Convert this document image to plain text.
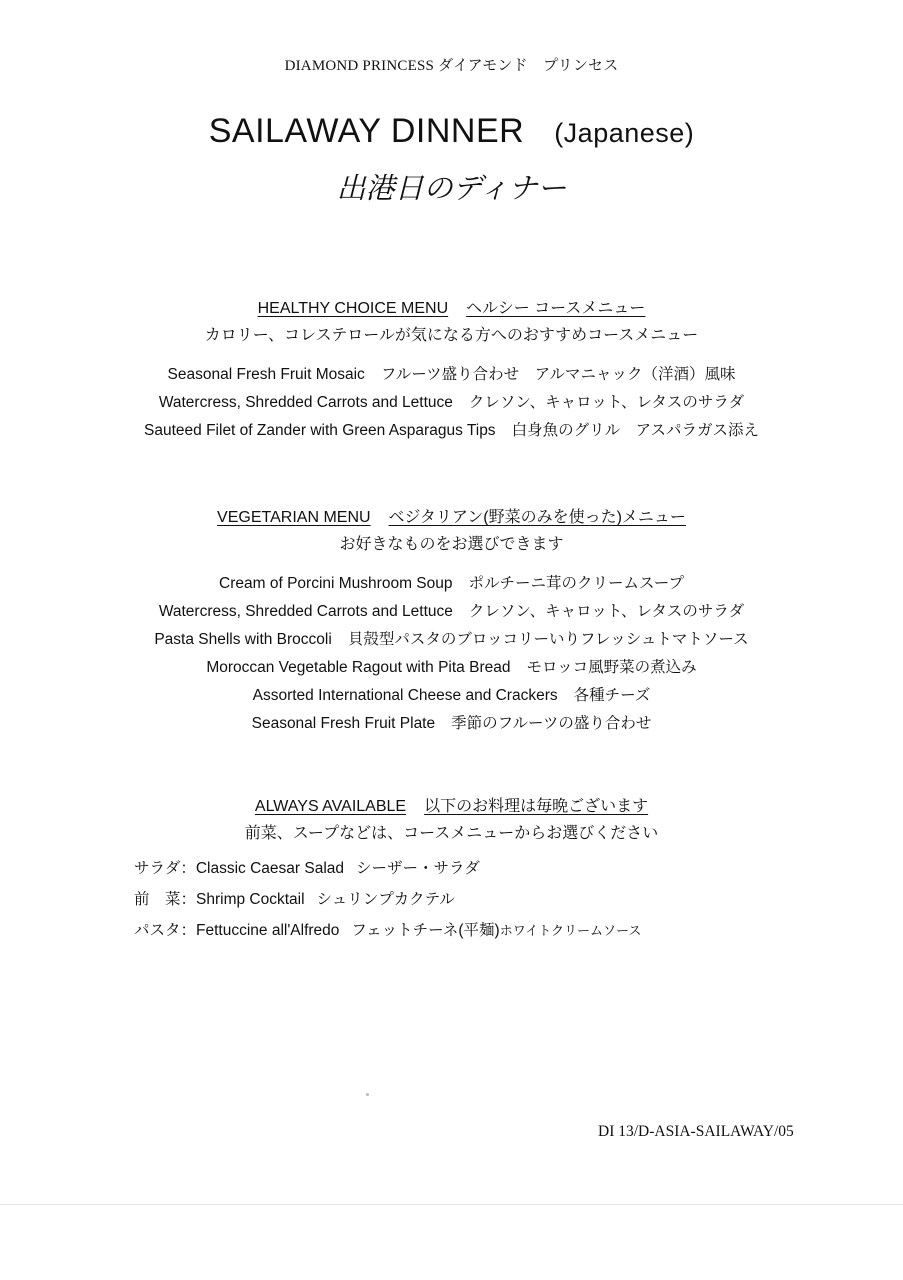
DIAMOND PRINCESS ダイアモンド　プリンセス
SAILAWAY DINNER (Japanese)
出港日のディナー
HEALTHY CHOICE MENU ヘルシー コースメニュー
カロリー、コレステロールが気になる方へのおすすめコースメニュー
Seasonal Fresh Fruit Mosaic フルーツ盛り合わせ　アルマニャック（洋酒）風味
Watercress, Shredded Carrots and Lettuce クレソン、キャロット、レタスのサラダ
Sauteed Filet of Zander with Green Asparagus Tips 白身魚のグリル　アスパラガス添え
VEGETARIAN MENU ベジタリアン(野菜のみを使った)メニュー
お好きなものをお選びできます
Cream of Porcini Mushroom Soup ポルチーニ茸のクリームスープ
Watercress, Shredded Carrots and Lettuce クレソン、キャロット、レタスのサラダ
Pasta Shells with Broccoli 貝殻型パスタのブロッコリーいりフレッシュトマトソース
Moroccan Vegetable Ragout with Pita Bread モロッコ風野菜の煮込み
Assorted International Cheese and Crackers 各種チーズ
Seasonal Fresh Fruit Plate 季節のフルーツの盛り合わせ
ALWAYS AVAILABLE 以下のお料理は毎晩ございます
前菜、スープなどは、コースメニューからお選びください
サラダ：Classic Caesar Salad シーザー・サラダ
前　菜：Shrimp Cocktail シュリンプカクテル
パスタ：Fettuccine all'Alfredo フェットチーネ(平麺)ホワイトクリームソース
DI 13/D-ASIA-SAILAWAY/05
